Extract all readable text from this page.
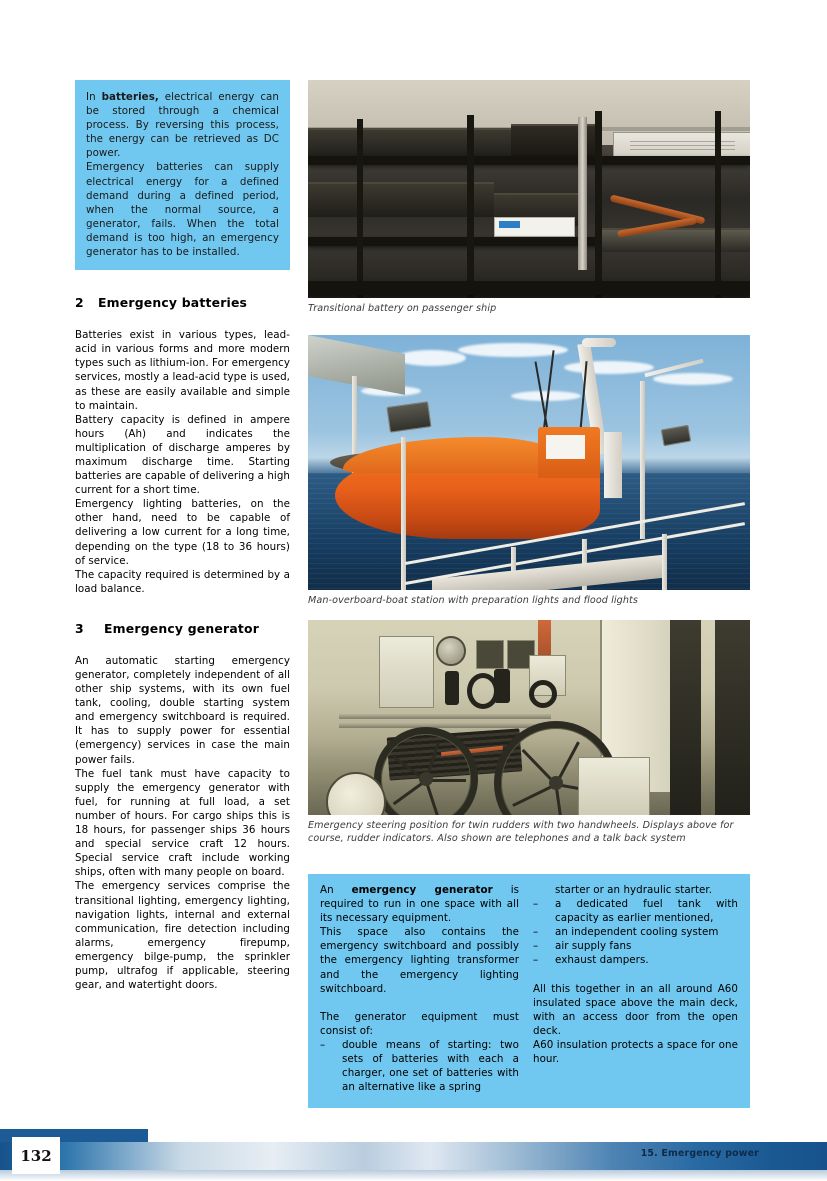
In batteries, electrical energy can be stored through a chemical process. By reversing this process, the energy can be retrieved as DC power.

Emergency batteries can supply electrical energy for a defined demand during a defined period, when the normal source, a generator, fails. When the total demand is too high, an emergency generator has to be installed.

2	Emergency batteries

Batteries exist in various types, lead-acid in various forms and more modern types such as lithium-ion. For emergency services, mostly a lead-acid type is used, as these are easily available and simple to maintain.

Battery capacity is defined in ampere hours (Ah) and indicates the multiplication of discharge amperes by maximum discharge time. Starting batteries are capable of delivering a high current for a short time.

Emergency lighting batteries, on the other hand, need to be capable of delivering a low current for a long time, depending on the type (18 to 36 hours) of service.

The capacity required is determined by a load balance.

3	Emergency generator

An automatic starting emergency generator, completely independent of all other ship systems, with its own fuel tank, cooling, double starting system and emergency switchboard is required. It has to supply power for essential (emergency) services in case the main power fails.

The fuel tank must have capacity to supply the emergency generator with fuel, for running at full load, a set number of hours. For cargo ships this is 18 hours, for passenger ships 36 hours and special service craft 12 hours. Special service craft include working ships, often with many people on board.

The emergency services comprise the transitional lighting, emergency lighting, navigation lights, internal and external communication, fire detection including alarms, emergency firepump, emergency bilge-pump, the sprinkler pump, ultrafog if applicable, steering gear, and watertight doors.

Transitional battery on passenger ship
Man-overboard-boat station with preparation lights and flood lights
Emergency steering position for twin rudders with two handwheels. Displays above for course, rudder indicators. Also shown are telephones and a talk back system

An emergency generator is required to run in one space with all its necessary equipment.

This space also contains the emergency switchboard and possibly the emergency lighting transformer and the emergency lighting switchboard.

The generator equipment must consist of:

– double means of starting: two sets of batteries with each a charger, one set of batteries with an alternative like a spring
starter or an hydraulic starter.
– a dedicated fuel tank with capacity as earlier mentioned,
– an independent cooling system
– air supply fans
– exhaust dampers.

All this together in an all around A60 insulated space above the main deck, with an access door from the open deck.

A60 insulation protects a space for one hour.

132	15. Emergency power
